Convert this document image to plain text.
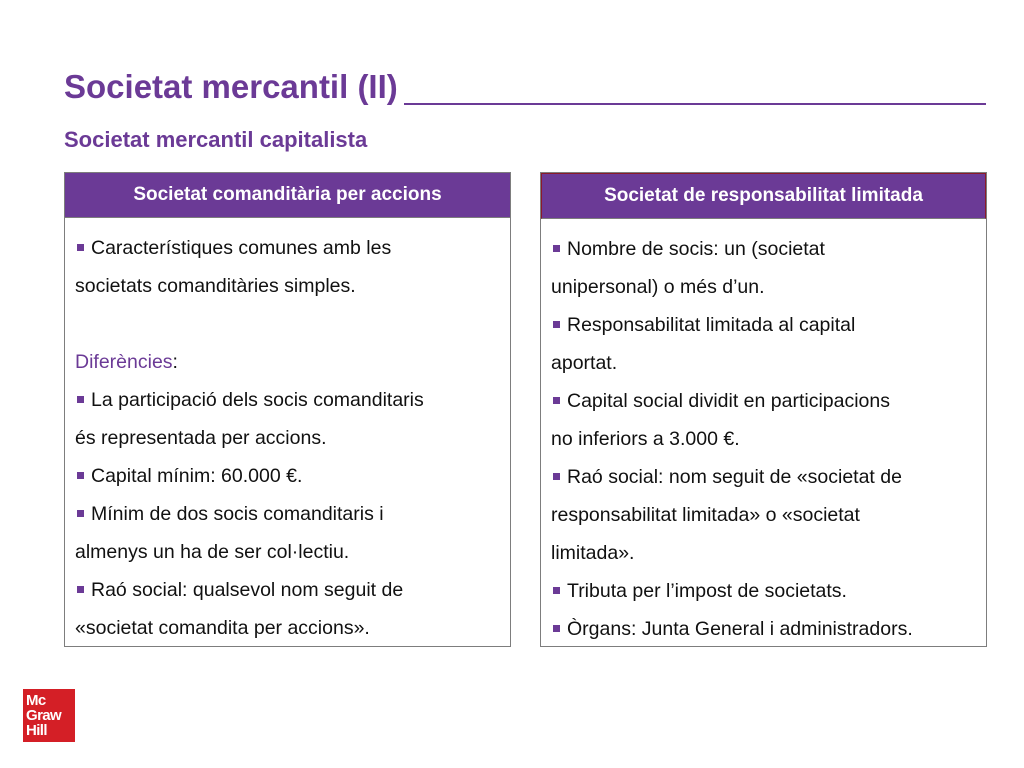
Societat mercantil (II)
Societat mercantil capitalista
Societat comanditària per accions

Característiques comunes amb les
societats comanditàries simples.

Diferències:

La participació dels socis comanditaris
és representada per accions.

Capital mínim: 60.000 €.

Mínim de dos socis comanditaris i
almenys un ha de ser col·lectiu.

Raó social: qualsevol nom seguit de
«societat comandita per accions».

Societat de responsabilitat limitada

Nombre de socis: un (societat
unipersonal) o més d’un.

Responsabilitat limitada al capital
aportat.

Capital social dividit en participacions
no inferiors a 3.000 €.

Raó social: nom seguit de «societat de
responsabilitat limitada» o «societat
limitada».

Tributa per l’impost de societats.

Òrgans: Junta General i administradors.

Mc
Graw
Hill
